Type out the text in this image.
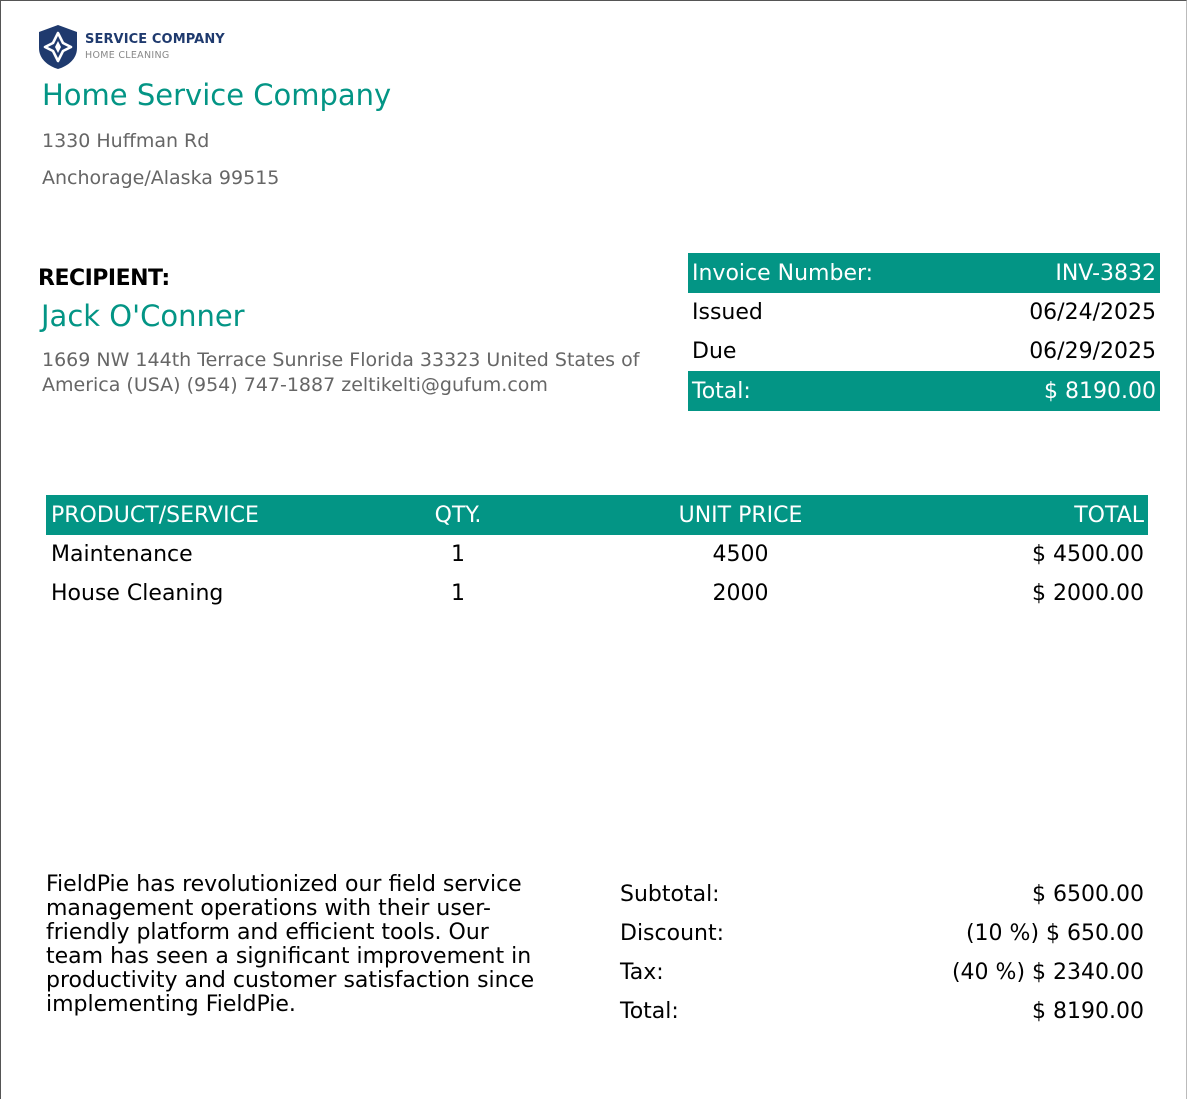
SERVICE COMPANY
HOME CLEANING
Home Service Company
1330 Huffman Rd
Anchorage/Alaska 99515
RECIPIENT:
Jack O'Conner
1669 NW 144th Terrace Sunrise Florida 33323 United States of America (USA) (954) 747-1887 zeltikelti@gufum.com
Invoice Number:	INV-3832
Issued	06/24/2025
Due	06/29/2025
Total:	$ 8190.00
PRODUCT/SERVICE	QTY.	UNIT PRICE	TOTAL
Maintenance	1	4500	$ 4500.00
House Cleaning	1	2000	$ 2000.00
FieldPie has revolutionized our field service management operations with their user-friendly platform and efficient tools. Our team has seen a significant improvement in productivity and customer satisfaction since implementing FieldPie.
Subtotal:	$ 6500.00
Discount:	(10 %) $ 650.00
Tax:	(40 %) $ 2340.00
Total:	$ 8190.00
